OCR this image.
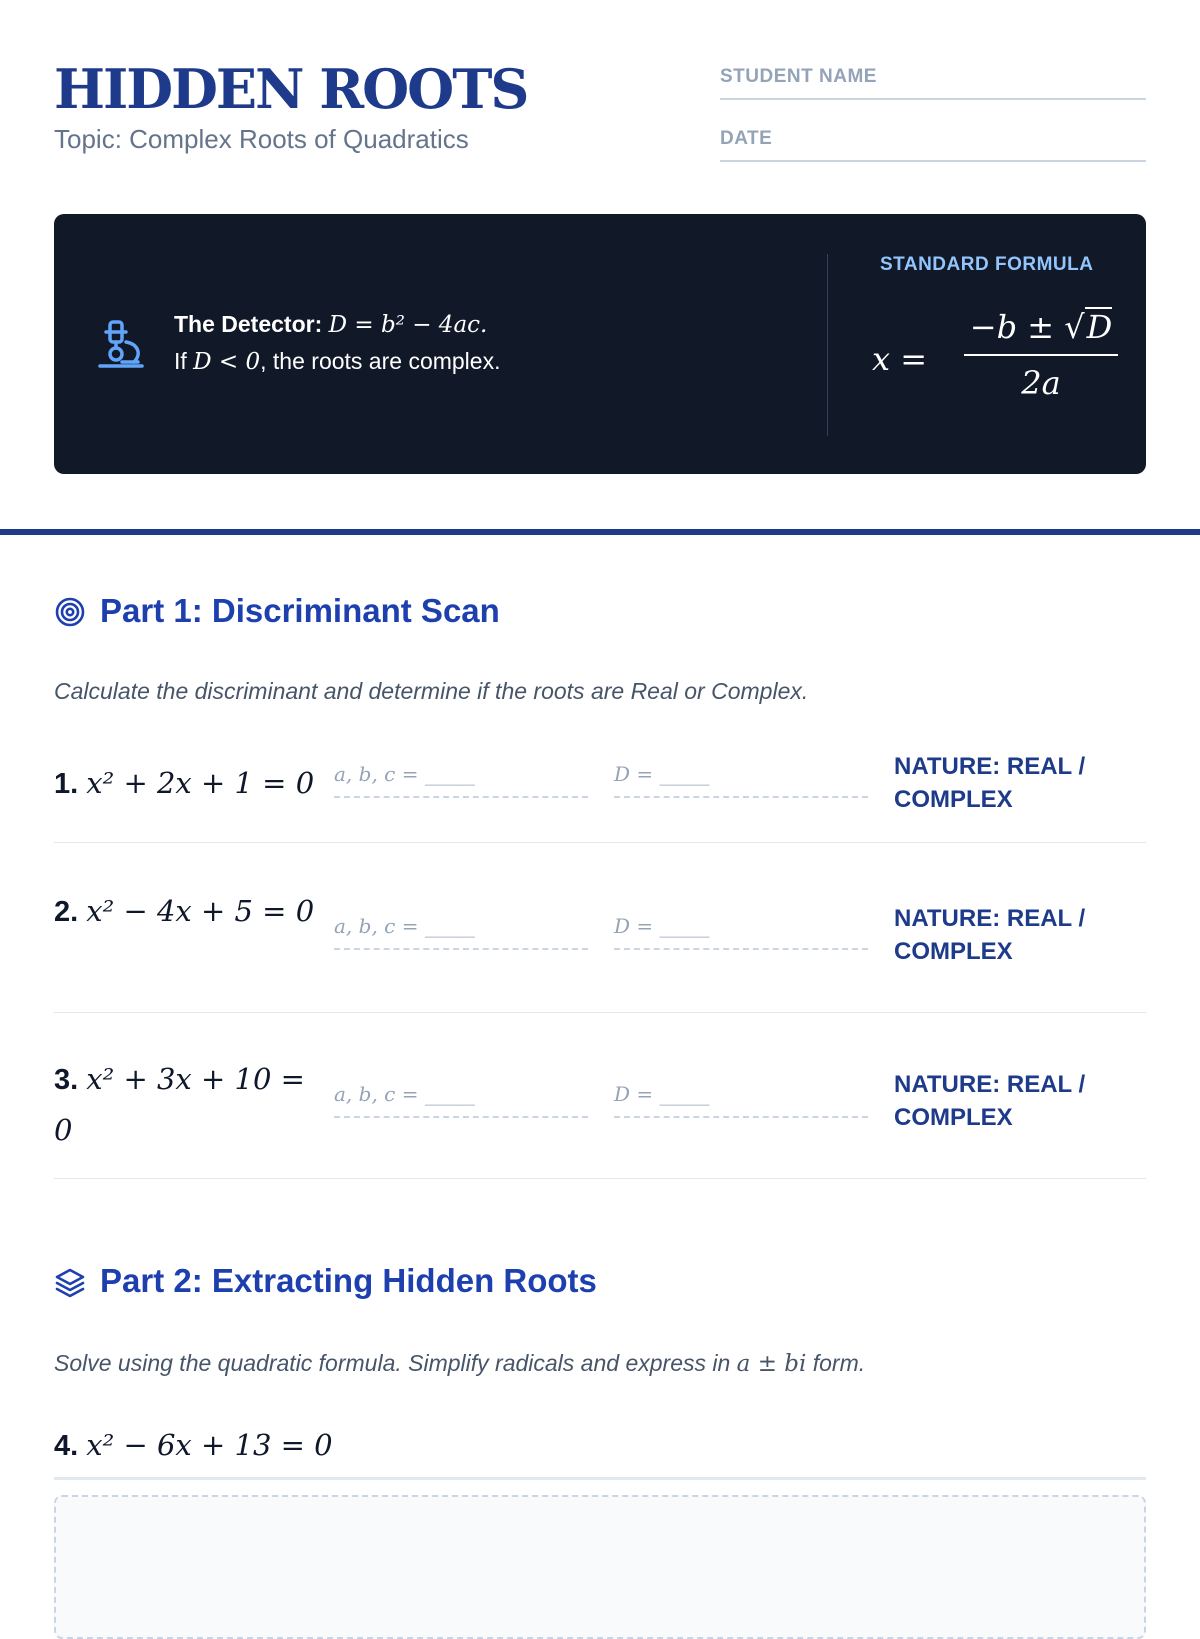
HIDDEN ROOTS
Topic: Complex Roots of Quadratics
STUDENT NAME
DATE
The Detector: D = b² − 4ac.
If D < 0, the roots are complex.
STANDARD FORMULA
x =
−b ± √D
2a
Part 1: Discriminant Scan
Calculate the discriminant and determine if the roots are Real or Complex.
1. x² + 2x + 1 = 0 a, b, c = _____	D = _____	NATURE: REAL / COMPLEX
2. x² − 4x + 5 = 0 a, b, c = _____	D = _____	NATURE: REAL / COMPLEX
3. x² + 3x + 10 = 0
a, b, c = _____	D = _____	NATURE: REAL / COMPLEX
Part 2: Extracting Hidden Roots
Solve using the quadratic formula. Simplify radicals and express in a ± bi form.
4. x² − 6x + 13 = 0
